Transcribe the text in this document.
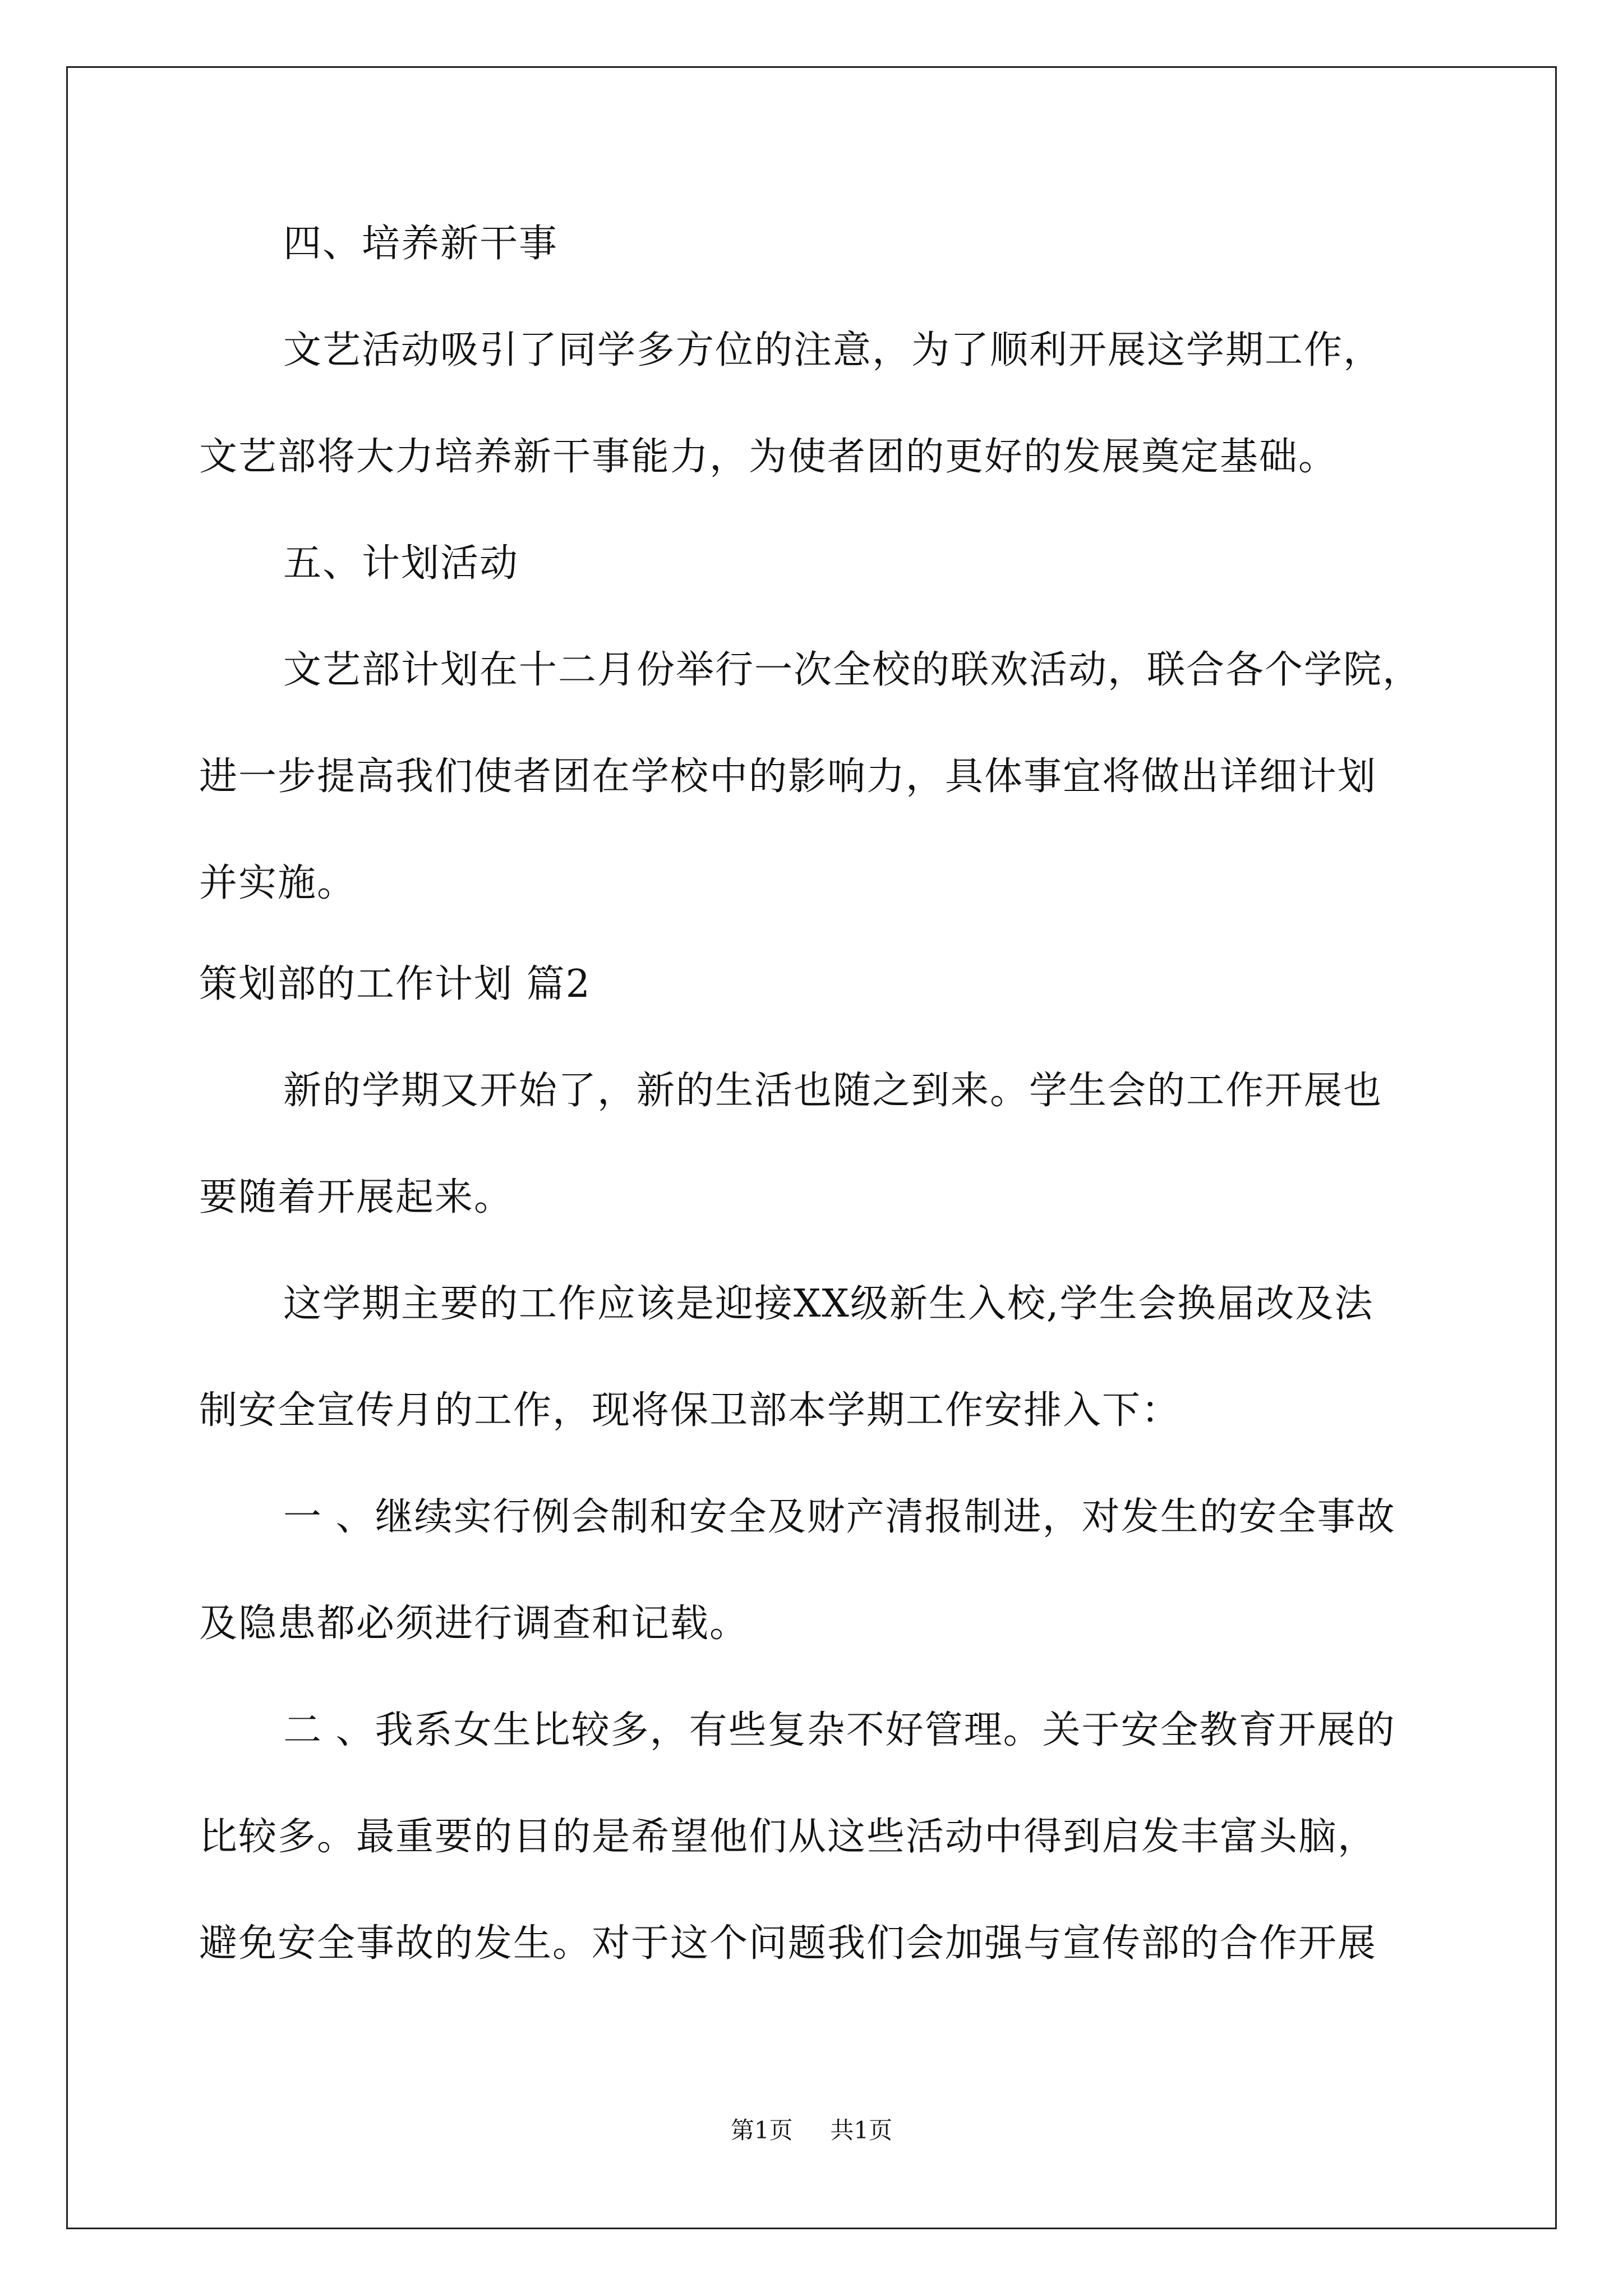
四、培养新干事
文艺活动吸引了同学多方位的注意，为了顺利开展这学期工作，
文艺部将大力培养新干事能力，为使者团的更好的发展奠定基础。
五、计划活动
文艺部计划在十二月份举行一次全校的联欢活动，联合各个学院，
进一步提高我们使者团在学校中的影响力，具体事宜将做出详细计划
并实施。
策划部的工作计划 篇2
新的学期又开始了，新的生活也随之到来。学生会的工作开展也
要随着开展起来。
这学期主要的工作应该是迎接XX级新生入校,学生会换届改及法
制安全宣传月的工作，现将保卫部本学期工作安排入下：
一 、继续实行例会制和安全及财产清报制进，对发生的安全事故
及隐患都必须进行调查和记载。
二 、我系女生比较多，有些复杂不好管理。关于安全教育开展的
比较多。最重要的目的是希望他们从这些活动中得到启发丰富头脑，
避免安全事故的发生。对于这个问题我们会加强与宣传部的合作开展
第1页 共1页
